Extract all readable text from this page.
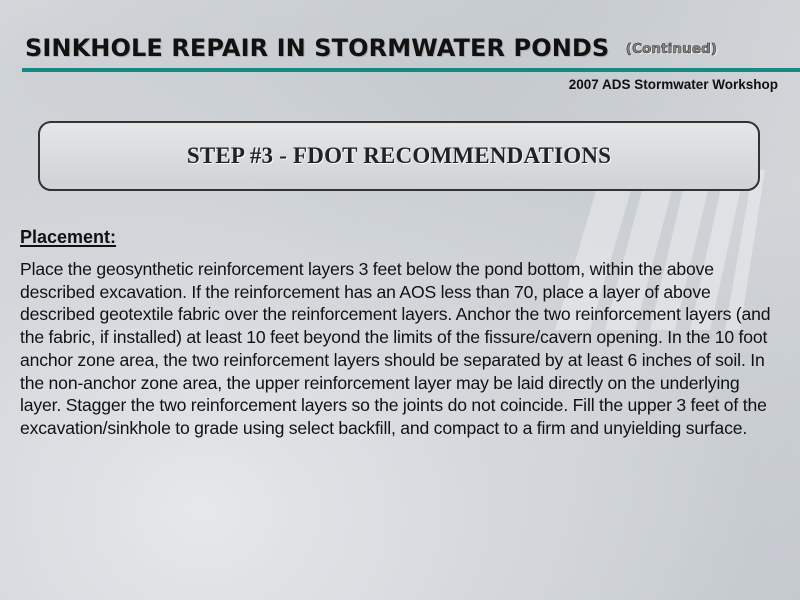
SINKHOLE REPAIR IN STORMWATER PONDS (Continued)
2007 ADS Stormwater Workshop
STEP #3 - FDOT RECOMMENDATIONS
Placement:

Place the geosynthetic reinforcement layers 3 feet below the pond bottom, within the above described excavation. If the reinforcement has an AOS less than 70, place a layer of above described geotextile fabric over the reinforcement layers. Anchor the two reinforcement layers (and the fabric, if installed) at least 10 feet beyond the limits of the fissure/cavern opening. In the 10 foot anchor zone area, the two reinforcement layers should be separated by at least 6 inches of soil. In the non-anchor zone area, the upper reinforcement layer may be laid directly on the underlying layer. Stagger the two reinforcement layers so the joints do not coincide. Fill the upper 3 feet of the excavation/sinkhole to grade using select backfill, and compact to a firm and unyielding surface.
